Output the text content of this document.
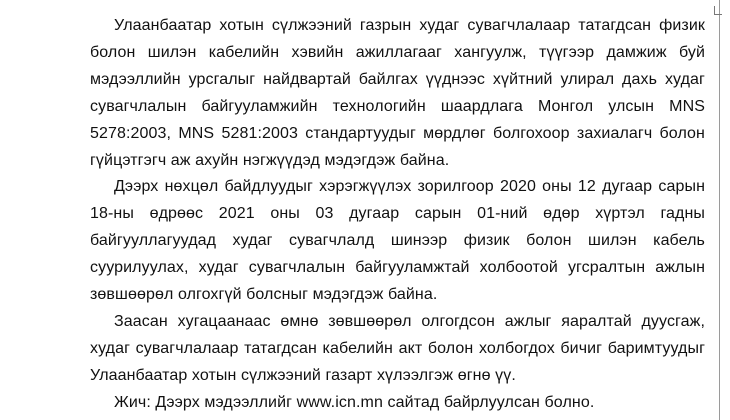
Улаанбаатар хотын сүлжээний газрын худаг сувагчлалаар татагдсан физик болон шилэн кабелийн хэвийн ажиллагааг хангуулж, түүгээр дамжиж буй мэдээллийн урсгалыг найдвартай байлгах үүднээс хүйтний улирал дахь худаг сувагчлалын байгууламжийн технологийн шаардлага Монгол улсын MNS 5278:2003, MNS 5281:2003 стандартуудыг мөрдлөг болгохоор захиалагч болон гүйцэтгэгч аж ахуйн нэгжүүдэд мэдэгдэж байна.

Дээрх нөхцөл байдлуудыг хэрэгжүүлэх зорилгоор 2020 оны 12 дугаар сарын 18-ны өдрөөс 2021 оны 03 дугаар сарын 01-ний өдөр хүртэл гадны байгууллагуудад худаг сувагчлалд шинээр физик болон шилэн кабель суурилуулах, худаг сувагчлалын байгууламжтай холбоотой угсралтын ажлын зөвшөөрөл олгохгүй болсныг мэдэгдэж байна.

Заасан хугацаанаас өмнө зөвшөөрөл олгогдсон ажлыг яаралтай дуусгаж, худаг сувагчлалаар татагдсан кабелийн акт болон холбогдох бичиг баримтуудыг Улаанбаатар хотын сүлжээний газарт хүлээлгэж өгнө үү.

Жич: Дээрх мэдээллийг www.icn.mn сайтад байрлуулсан болно.
